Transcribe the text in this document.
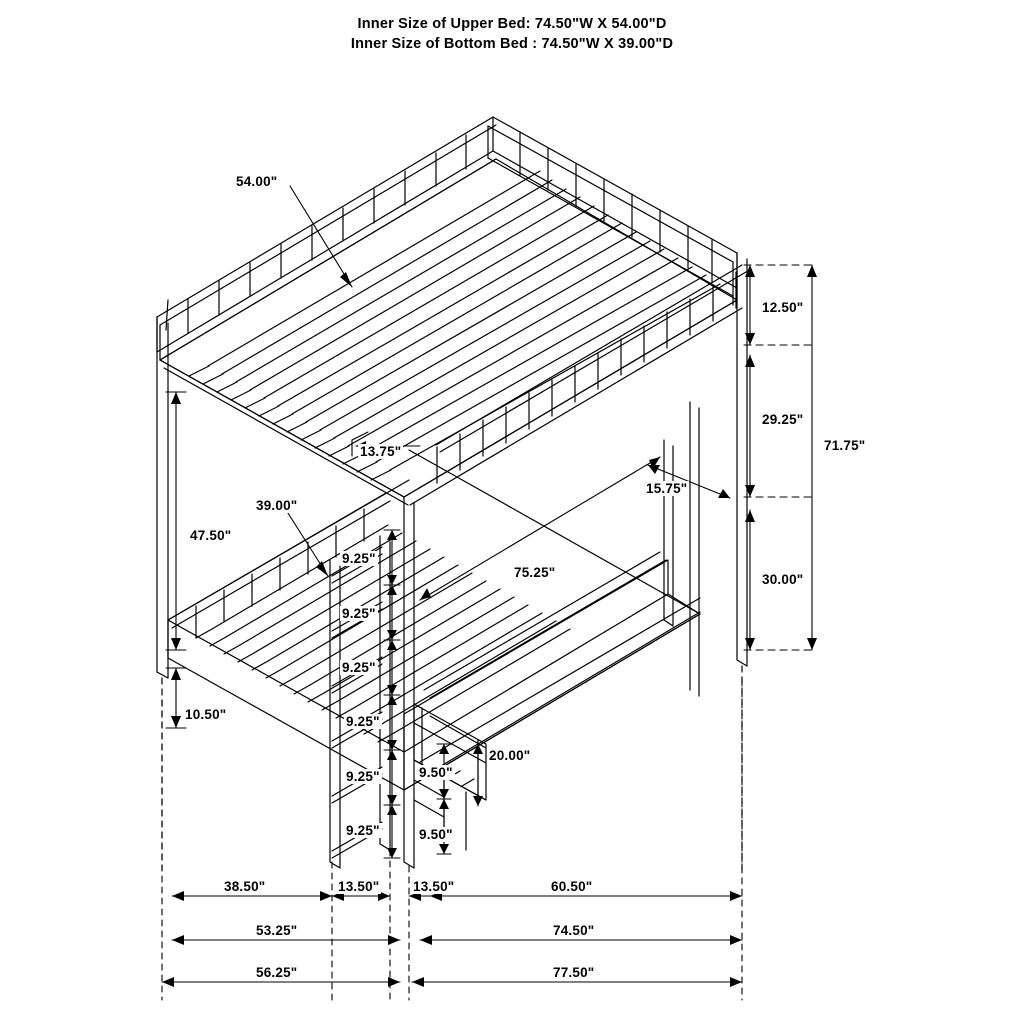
Inner Size of Upper Bed: 74.50"W X 54.00"D
Inner Size of Bottom Bed : 74.50"W X 39.00"D
54.00"
13.75"
39.00"
12.50"
29.25"
71.75"
15.75"
75.25"	30.00"
47.50"
9.25"
9.25"
9.25"
9.25"
9.25"
9.25"
10.50"
9.50"
9.50"
20.00"
38.50"	13.50" 13.50"	60.50"
53.25"	74.50"
56.25"	77.50"
